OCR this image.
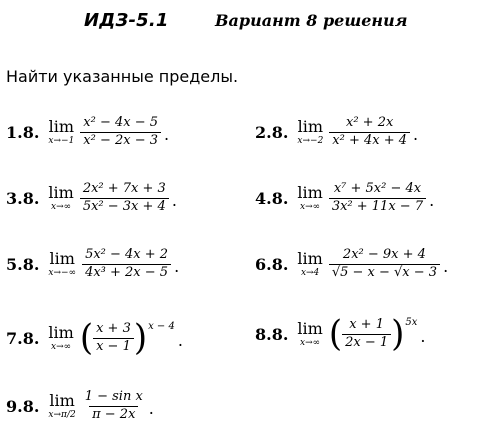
ИДЗ-5.1	Вариант 8 решения
Найти указанные пределы.
1.8. lim
$x\to-1 \frac{\text{x² − 4x − 5}}{\text{x² − 2x − 3}}$ .	2.8. lim
$x\to-2 \frac{\text{x² + 2x}}{\text{x² + 4x + 4}}$ .
3.8. lim
$x\to\infty \frac{\text{2x² + 7x + 3}}{\text{5x² − 3x + 4}}$ .	4.8. lim
$x\to\infty \frac{\text{x⁷ + 5x² − 4x}}{\text{3x² + 11x − 7}}$ .
5.8. lim
$x\to-\infty \frac{\text{5x² − 4x + 2}}{\text{4x³ + 2x − 5}}$ .	6.8. lim
$x\to 4 \frac{\text{2x² − 9x + 4}}{√5 - x - √x - 3}$ .
7.8. lim
x→∞ ( $\frac{x + 3}{x - 1}$ ) x − 4
.	8.8. lim
x→∞ ( $\frac{x + 1}{2x - 1}$ ) 5x
.
9.8. lim
$x\to\pi/2 \frac{\text{1 − sin x}}{\pi - 2x}$ .
